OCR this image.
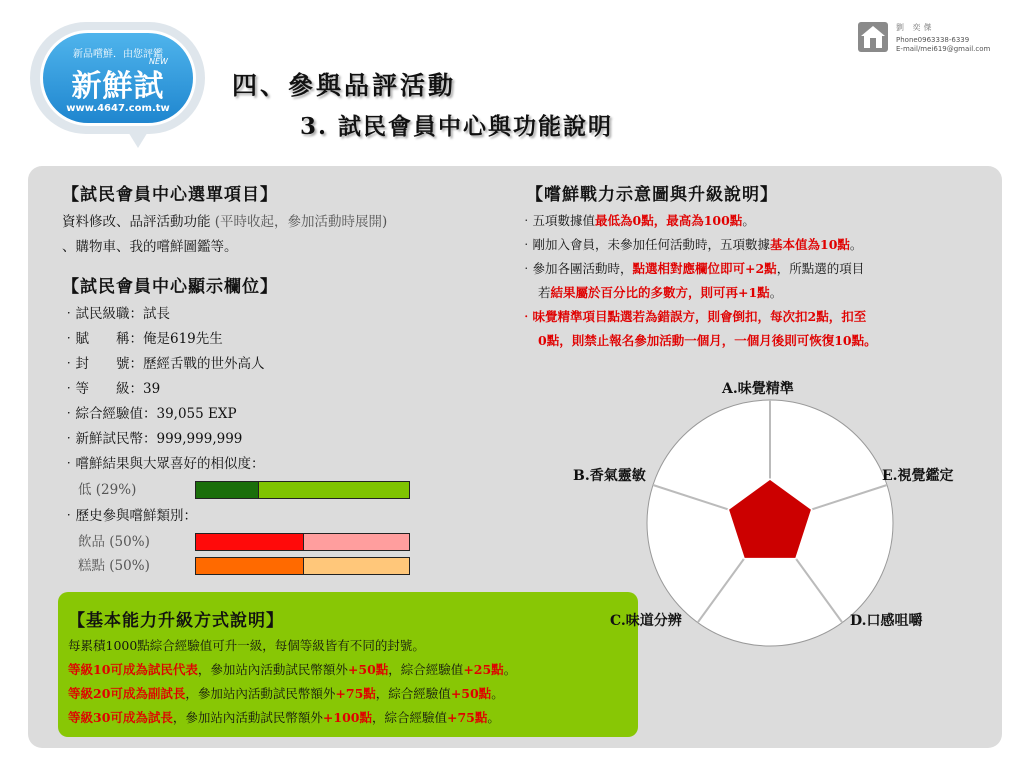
新品嚐鮮．由您評鑑
新鮮試
NEW
www.4647.com.tw
四、參與品評活動
3. 試民會員中心與功能說明
劉 奕傑
Phone0963338-6339
E-mail/mei619@gmail.com
【試民會員中心選單項目】
資料修改、品評活動功能 (平時收起，參加活動時展開)
、購物車、我的嚐鮮圖鑑等。
【試民會員中心顯示欄位】
‧試民級職：試長
‧賦　　稱：俺是619先生
‧封　　號：歷經舌戰的世外高人
‧等　　級：39
‧綜合經驗值：39,055 EXP
‧新鮮試民幣：999,999,999
‧嚐鮮結果與大眾喜好的相似度：
低 (29%)
‧歷史參與嚐鮮類別：
飲品 (50%)
糕點 (50%)
【基本能力升級方式說明】
每累積1000點綜合經驗值可升一級，每個等級皆有不同的封號。
等級10可成為試民代表，參加站內活動試民幣額外+50點，綜合經驗值+25點。
等級20可成為副試長，參加站內活動試民幣額外+75點，綜合經驗值+50點。
等級30可成為試長，參加站內活動試民幣額外+100點，綜合經驗值+75點。
【嚐鮮戰力示意圖與升級說明】
‧五項數據值最低為0點，最高為100點。
‧剛加入會員，未參加任何活動時，五項數據基本值為10點。
‧參加各團活動時，點選相對應欄位即可+2點，所點選的項目
若結果屬於百分比的多數方，則可再+1點。
‧味覺精準項目點選若為錯誤方，則會倒扣，每次扣2點，扣至
0點，則禁止報名參加活動一個月，一個月後則可恢復10點。
A.味覺精準
B.香氣靈敏
C.味道分辨	D.口感咀嚼
E.視覺鑑定
